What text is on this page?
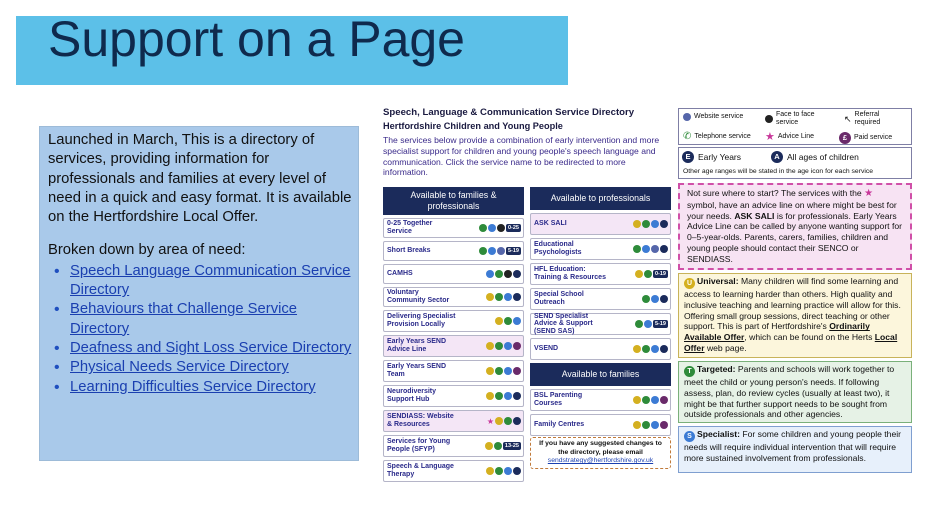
Support on a Page

Launched in March, This is a directory of services, providing information for professionals and families at every level of need in a quick and easy format. It is available on the Hertfordshire Local Offer.

Broken down by area of need:

• Speech Language Communication Service Directory
• Behaviours that Challenge Service Directory
• Deafness and Sight Loss Service Directory
• Physical Needs Service Directory
• Learning Difficulties Service Directory
Speech, Language & Communication Service Directory
Hertfordshire Children and Young People
The services below provide a combination of early intervention and more specialist support for children and young people's speech language and communication. Click the service name to be redirected to more information.
Available to families & professionals
0-25 Together Service	0-25
Short Breaks	5-19
CAMHS
Voluntary Community Sector
Delivering Specialist Provision Locally
Early Years SEND Advice Line
Early Years SEND Team
Neurodiversity Support Hub
SENDIASS: Website & Resources	★
Services for Young People (SFYP)	13-25
Speech & Language Therapy
Available to professionals
ASK SALI
Educational Psychologists
HFL Education: Training & Resources	0-19
Special School Outreach
SEND Specialist Advice & Support (SEND SAS)
5-19
VSEND
Available to families
BSL Parenting Courses
Family Centres
If you have any suggested changes to the directory, please email
sendstrategy@hertfordshire.gov.uk
Website service	Face to face service	↖ Referral required
✆ Telephone service ★ Advice Line	£ Paid service
E Early Years	A All ages of children
Other age ranges will be stated in the age icon for each service
Not sure where to start? The services with the ★ symbol, have an advice line on where might be best for your needs. ASK SALI is for professionals. Early Years Advice Line can be called by anyone wanting support for 0–5-year-olds. Parents, carers, families, children and young people should contact their SENCO or SENDIASS.
U Universal: Many children will find some learning and access to learning harder than others. High quality and inclusive teaching and learning practice will allow for this. Offering small group sessions, direct teaching or other support. This is part of Hertfordshire's Ordinarily Available Offer, which can be found on the Herts Local Offer web page.
T Targeted: Parents and schools will work together to meet the child or young person's needs. If following assess, plan, do review cycles (usually at least two), it might be that further support needs to be sought from outside professionals and other agencies.
S Specialist: For some children and young people their needs will require individual intervention that will require more sustained involvement from professionals.
